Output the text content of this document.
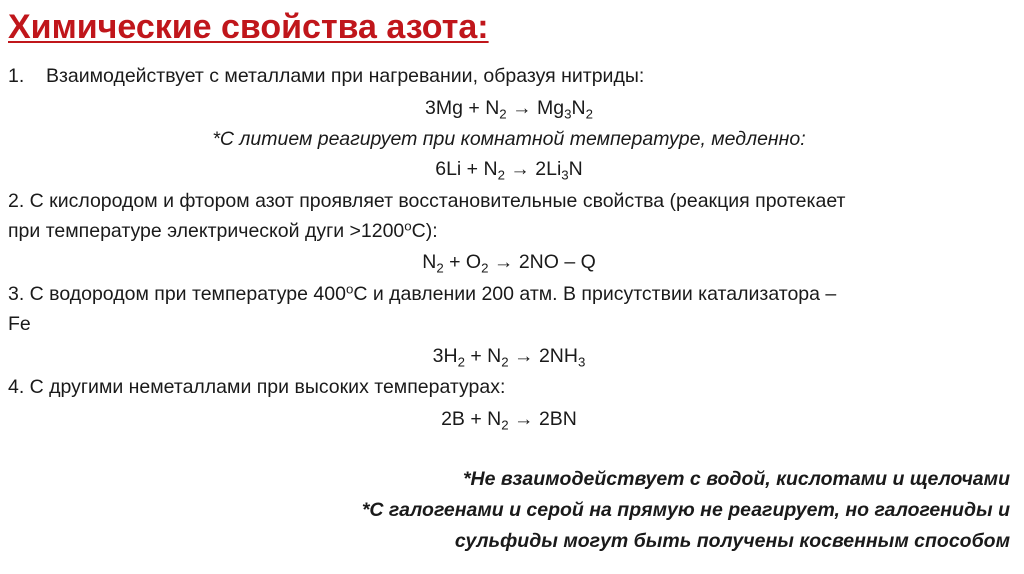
Химические свойства азота:
1. Взаимодействует с металлами при нагревании, образуя нитриды:
$3Mg + N_2 \to Mg_3N_2$
*С литием реагирует при комнатной температуре, медленно:
$6Li + N_2 \to 2Li_3N$
2. С кислородом и фтором азот проявляет восстановительные свойства (реакция протекает
при температуре электрической дуги $>1200^oC$):
$N_2 + O_2 \to 2NO - Q$
3. С водородом при температуре 400$^o$C и давлении 200 атм. В присутствии катализатора –
Fe
$3H_2 + N_2 \to 2NH_3$
4. С другими неметаллами при высоких температурах:
$2B + N_2 \to 2BN$
*Не взаимодействует с водой, кислотами и щелочами
*С галогенами и серой на прямую не реагирует, но галогениды и
сульфиды могут быть получены косвенным способом
